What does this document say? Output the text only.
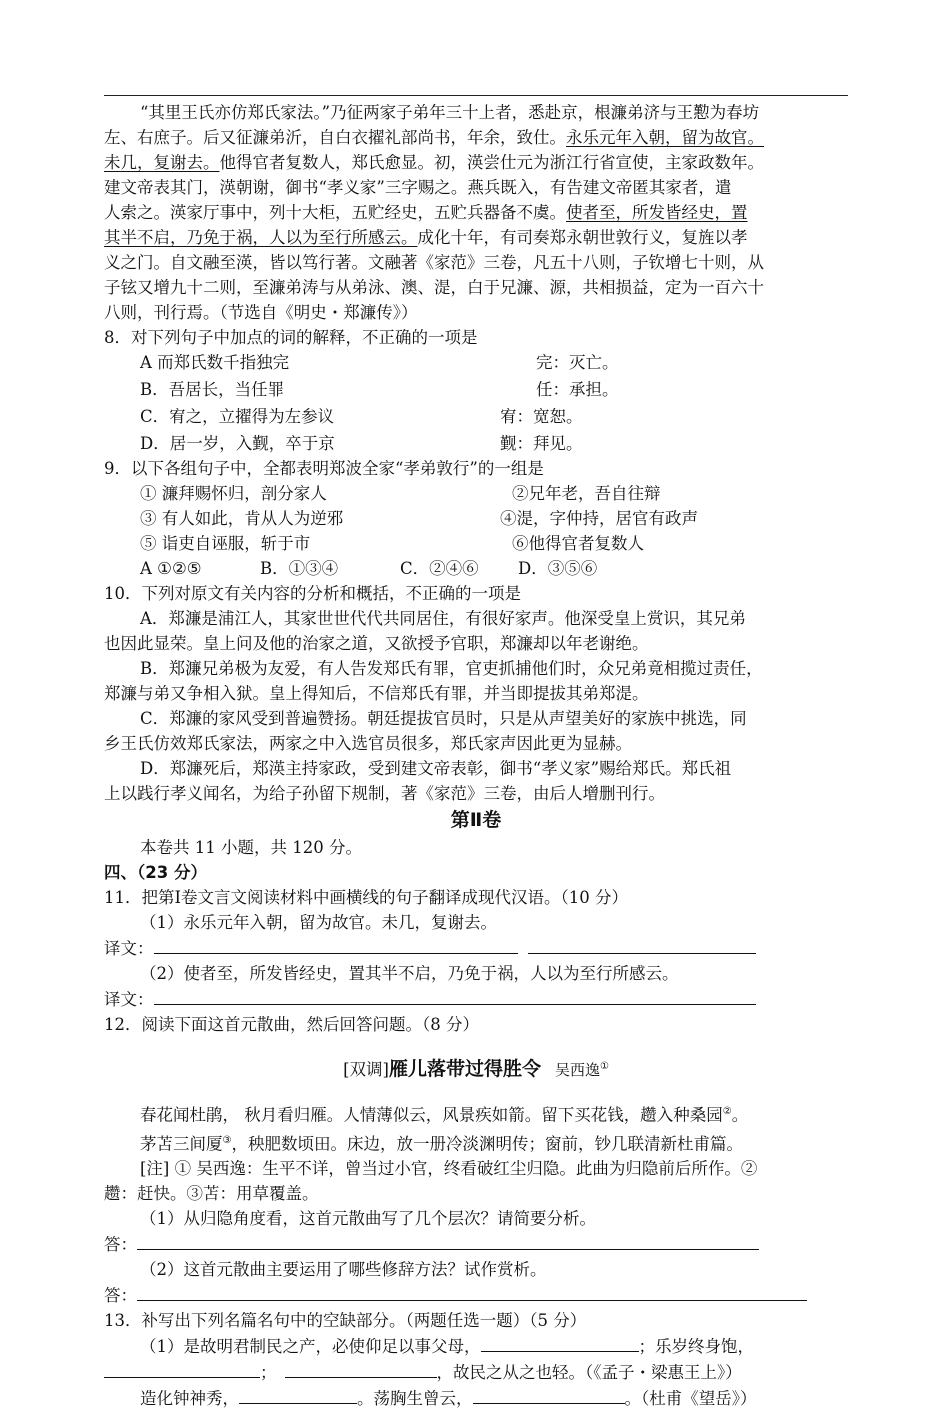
“其里王氏亦仿郑氏家法。”乃征两家子弟年三十上者，悉赴京，根濂弟济与王懃为春坊

左、右庶子。后又征濂弟沂，自白衣擢礼部尚书，年余，致仕。永乐元年入朝，留为故官。

未几，复谢去。他得官者复数人，郑氏愈显。初，渶尝仕元为浙江行省宣使，主家政数年。

建文帝表其门，渶朝谢，御书“孝义家”三字赐之。燕兵既入，有告建文帝匿其家者，遣

人索之。渶家厅事中，列十大柜，五贮经史，五贮兵器备不虞。使者至，所发皆经史，置

其半不启，乃免于祸，人以为至行所感云。成化十年，有司奏郑永朝世敦行义，复旌以孝

义之门。自文融至渶，皆以笃行著。文融著《家范》三卷，凡五十八则，子钦增七十则，从

子铉又增九十二则，至濂弟涛与从弟泳、澳、湜，白于兄濂、源，共相损益，定为一百六十

八则，刊行焉。（节选自《明史・郑濂传》）

8．对下列句子中加点的词的解释，不正确的一项是

A 而郑氏数千指独完	完：灭亡。
B．吾居长，当任罪	任：承担。
C．宥之，立擢得为左参议	宥：宽恕。
D．居一岁，入觐，卒于京	觐：拜见。

9．以下各组句子中，全都表明郑波全家“孝弟敦行”的一组是

① 濂拜赐怀归，剖分家人	②兄年老，吾自往辩
③ 有人如此，肯从人为逆邪	④湜，字仲持，居官有政声
⑤ 诣吏自诬服，斩于市	⑥他得官者复数人

A ①②⑤	B．①③④	C．②④⑥ D．③⑤⑥

10．下列对原文有关内容的分析和概括，不正确的一项是

A．郑濂是浦江人，其家世世代代共同居住，有很好家声。他深受皇上赏识，其兄弟

也因此显荣。皇上问及他的治家之道，又欲授予官职，郑濂却以年老谢绝。

B．郑濂兄弟极为友爱，有人告发郑氏有罪，官吏抓捕他们时，众兄弟竟相揽过责任，

郑濂与弟又争相入狱。皇上得知后，不信郑氏有罪，并当即提拔其弟郑湜。

C．郑濂的家风受到普遍赞扬。朝廷提拔官员时，只是从声望美好的家族中挑选，同

乡王氏仿效郑氏家法，两家之中入选官员很多，郑氏家声因此更为显赫。

D．郑濂死后，郑渶主持家政，受到建文帝表彰，御书“孝义家”赐给郑氏。郑氏祖

上以践行孝义闻名，为给子孙留下规制，著《家范》三卷，由后人增删刊行。

第Ⅱ卷

本卷共 11 小题，共 120 分。

四、（23 分）

11．把第Ⅰ卷文言文阅读材料中画横线的句子翻译成现代汉语。（10 分）

（1）永乐元年入朝，留为故官。未几，复谢去。

译文：

（2）使者至，所发皆经史，置其半不启，乃免于祸，人以为至行所感云。

译文：

12．阅读下面这首元散曲，然后回答问题。（8 分）

[双调]雁儿落带过得胜令 吴西逸①

春花闻杜鹃， 秋月看归雁。人情薄似云，风景疾如箭。留下买花钱，趱入种桑园②。

茅苫三间厦③，秧肥数顷田。床边，放一册冷淡渊明传；窗前，钞几联清新杜甫篇。

[注] ① 吴西逸：生平不详，曾当过小官，终看破红尘归隐。此曲为归隐前后所作。②

趱：赶快。③苫：用草覆盖。

（1）从归隐角度看，这首元散曲写了几个层次？请简要分析。

答：

（2）这首元散曲主要运用了哪些修辞方法？试作赏析。

答：

13．补写出下列名篇名句中的空缺部分。（两题任选一题）（5 分）

（1）是故明君制民之产，必使仰足以事父母，	；乐岁终身饱，

；	，故民之从之也轻。（《孟子・梁惠王上》）

造化钟神秀，	。荡胸生曾云，	。（杜甫《望岳》）
